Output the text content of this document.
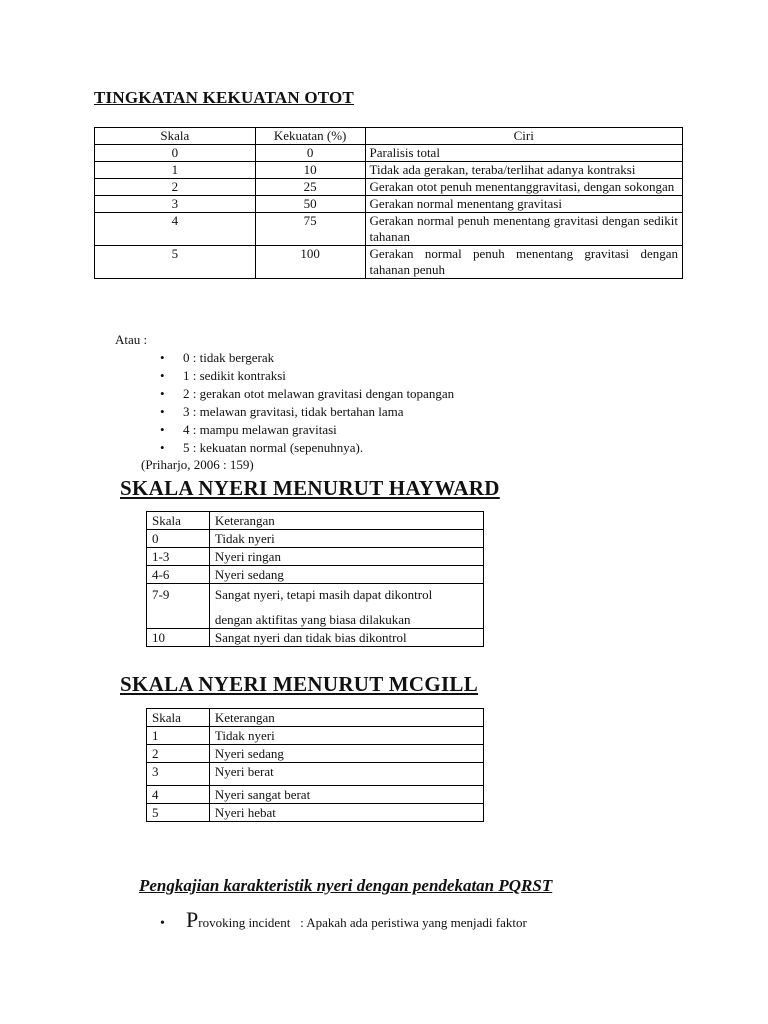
TINGKATAN KEKUATAN OTOT
Skala	Kekuatan (%)	Ciri
0	0	Paralisis total
1	10	Tidak ada gerakan, teraba/terlihat adanya kontraksi
2	25	Gerakan otot penuh menentanggravitasi, dengan sokongan
3	50	Gerakan normal menentang gravitasi
4	75	Gerakan normal penuh menentang gravitasi dengan sedikit tahanan
5	100	Gerakan normal penuh menentang gravitasi dengan tahanan penuh
Atau :
• 0 : tidak bergerak
• 1 : sedikit kontraksi
• 2 : gerakan otot melawan gravitasi dengan topangan
• 3 : melawan gravitasi, tidak bertahan lama
• 4 : mampu melawan gravitasi
• 5 : kekuatan normal (sepenuhnya).
(Priharjo, 2006 : 159)
SKALA NYERI MENURUT HAYWARD
Skala	Keterangan
0	Tidak nyeri
1-3	Nyeri ringan
4-6	Nyeri sedang
7-9	Sangat nyeri, tetapi masih dapat dikontrol
dengan aktifitas yang biasa dilakukan

10	Sangat nyeri dan tidak bias dikontrol
SKALA NYERI MENURUT MCGILL
Skala	Keterangan
1	Tidak nyeri
2	Nyeri sedang
3	Nyeri berat
4	Nyeri sangat berat
5	Nyeri hebat
Pengkajian karakteristik nyeri dengan pendekatan PQRST
• Provoking incident   : Apakah ada peristiwa yang menjadi faktor
